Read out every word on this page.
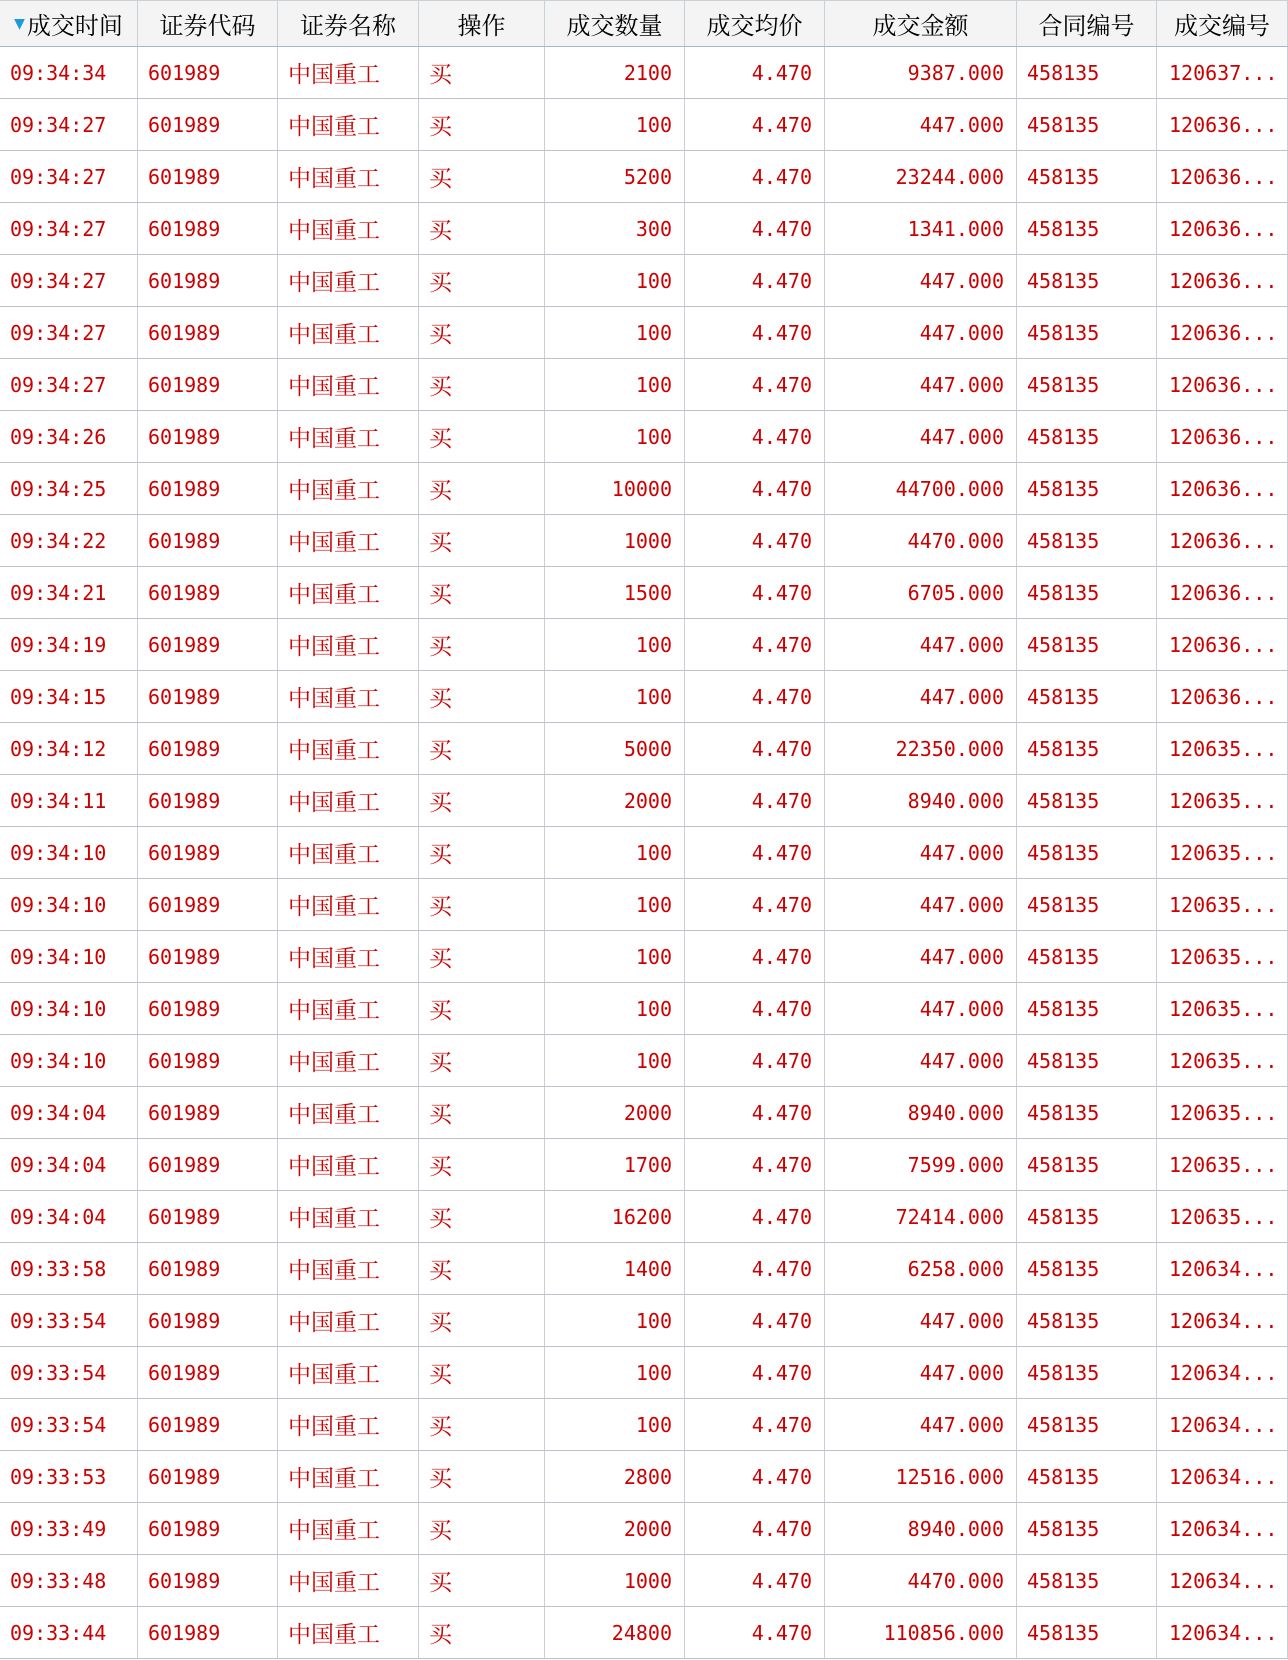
▼ 成交时间	证券代码	证券名称	操作	成交数量	成交均价	成交金额	合同编号	成交编号
09:34:34	601989	中国重工	买	2100	4.470	9387.000	458135	120637...
09:34:27	601989	中国重工	买	100	4.470	447.000	458135	120636...
09:34:27	601989	中国重工	买	5200	4.470	23244.000	458135	120636...
09:34:27	601989	中国重工	买	300	4.470	1341.000	458135	120636...
09:34:27	601989	中国重工	买	100	4.470	447.000	458135	120636...
09:34:27	601989	中国重工	买	100	4.470	447.000	458135	120636...
09:34:27	601989	中国重工	买	100	4.470	447.000	458135	120636...
09:34:26	601989	中国重工	买	100	4.470	447.000	458135	120636...
09:34:25	601989	中国重工	买	10000	4.470	44700.000	458135	120636...
09:34:22	601989	中国重工	买	1000	4.470	4470.000	458135	120636...
09:34:21	601989	中国重工	买	1500	4.470	6705.000	458135	120636...
09:34:19	601989	中国重工	买	100	4.470	447.000	458135	120636...
09:34:15	601989	中国重工	买	100	4.470	447.000	458135	120636...
09:34:12	601989	中国重工	买	5000	4.470	22350.000	458135	120635...
09:34:11	601989	中国重工	买	2000	4.470	8940.000	458135	120635...
09:34:10	601989	中国重工	买	100	4.470	447.000	458135	120635...
09:34:10	601989	中国重工	买	100	4.470	447.000	458135	120635...
09:34:10	601989	中国重工	买	100	4.470	447.000	458135	120635...
09:34:10	601989	中国重工	买	100	4.470	447.000	458135	120635...
09:34:10	601989	中国重工	买	100	4.470	447.000	458135	120635...
09:34:04	601989	中国重工	买	2000	4.470	8940.000	458135	120635...
09:34:04	601989	中国重工	买	1700	4.470	7599.000	458135	120635...
09:34:04	601989	中国重工	买	16200	4.470	72414.000	458135	120635...
09:33:58	601989	中国重工	买	1400	4.470	6258.000	458135	120634...
09:33:54	601989	中国重工	买	100	4.470	447.000	458135	120634...
09:33:54	601989	中国重工	买	100	4.470	447.000	458135	120634...
09:33:54	601989	中国重工	买	100	4.470	447.000	458135	120634...
09:33:53	601989	中国重工	买	2800	4.470	12516.000	458135	120634...
09:33:49	601989	中国重工	买	2000	4.470	8940.000	458135	120634...
09:33:48	601989	中国重工	买	1000	4.470	4470.000	458135	120634...
09:33:44	601989	中国重工	买	24800	4.470	110856.000	458135	120634...
